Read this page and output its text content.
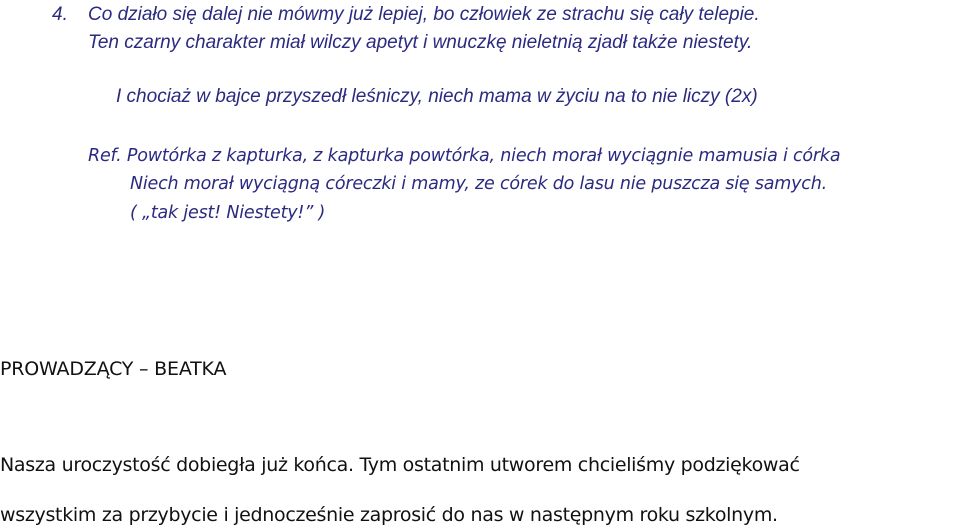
4. Co działo się dalej nie mówmy już lepiej, bo człowiek ze strachu się cały telepie.

Ten czarny charakter miał wilczy apetyt i wnuczkę nieletnią zjadł także niestety.

I chociaż w bajce przyszedł leśniczy, niech mama w życiu na to nie liczy (2x)

Ref. Powtórka z kapturka, z kapturka powtórka, niech morał wyciągnie mamusia i córka

Niech morał wyciągną córeczki i mamy, ze córek do lasu nie puszcza się samych.

( „tak jest! Niestety!” )

PROWADZĄCY – BEATKA

Nasza uroczystość dobiegła już końca. Tym ostatnim utworem chcieliśmy podziękować

wszystkim za przybycie i jednocześnie zaprosić do nas w następnym roku szkolnym.
